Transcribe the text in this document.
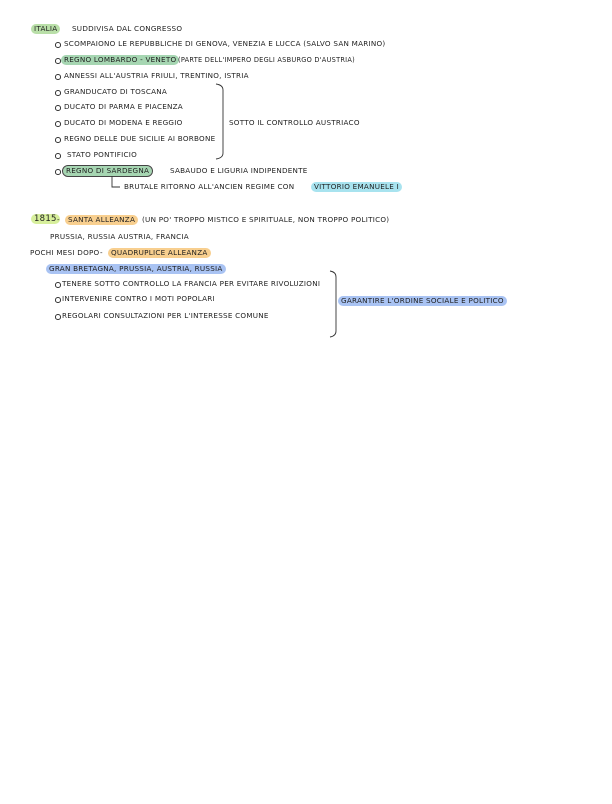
ITALIA	SUDDIVISA DAL CONGRESSO
SCOMPAIONO LE REPUBBLICHE DI GENOVA, VENEZIA E LUCCA (SALVO SAN MARINO)
REGNO LOMBARDO - VENETO (PARTE DELL'IMPERO DEGLI ASBURGO D'AUSTRIA)
ANNESSI ALL'AUSTRIA FRIULI, TRENTINO, ISTRIA
GRANDUCATO DI TOSCANA
DUCATO DI PARMA E PIACENZA
DUCATO DI MODENA E REGGIO
REGNO DELLE DUE SICILIE AI BORBONE
STATO PONTIFICIO
SOTTO IL CONTROLLO AUSTRIACO
REGNO DI SARDEGNA	SABAUDO E LIGURIA INDIPENDENTE
BRUTALE RITORNO ALL'ANCIEN REGIME CON	VITTORIO EMANUELE I
1815 -	SANTA ALLEANZA (UN PO' TROPPO MISTICO E SPIRITUALE, NON TROPPO POLITICO)
PRUSSIA, RUSSIA AUSTRIA, FRANCIA
POCHI MESI DOPO -	QUADRUPLICE ALLEANZA
GRAN BRETAGNA, PRUSSIA, AUSTRIA, RUSSIA
TENERE SOTTO CONTROLLO LA FRANCIA PER EVITARE RIVOLUZIONI
INTERVENIRE CONTRO I MOTI POPOLARI
REGOLARI CONSULTAZIONI PER L'INTERESSE COMUNE
GARANTIRE L'ORDINE SOCIALE E POLITICO
